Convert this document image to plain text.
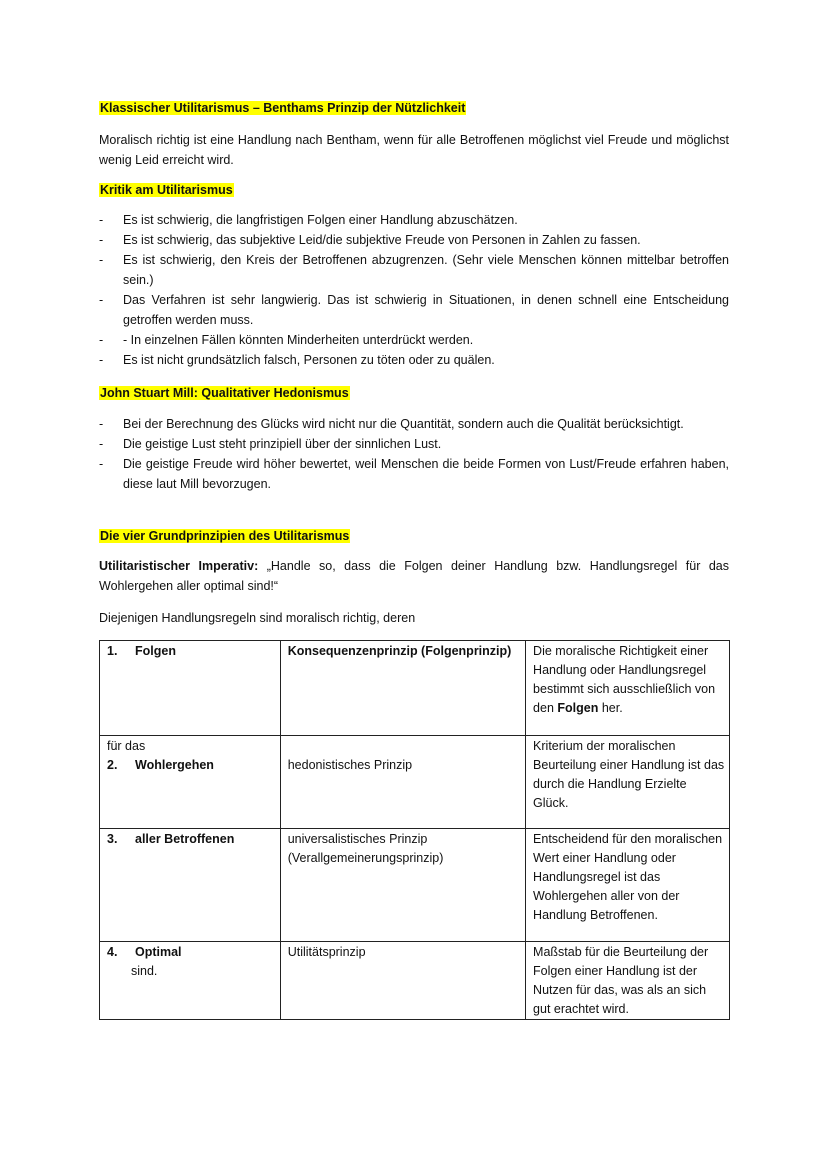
Klassischer Utilitarismus – Benthams Prinzip der Nützlichkeit

Moralisch richtig ist eine Handlung nach Bentham, wenn für alle Betroffenen möglichst viel Freude und möglichst wenig Leid erreicht wird.

Kritik am Utilitarismus
- Es ist schwierig, die langfristigen Folgen einer Handlung abzuschätzen.
- Es ist schwierig, das subjektive Leid/die subjektive Freude von Personen in Zahlen zu fassen.
- Es ist schwierig, den Kreis der Betroffenen abzugrenzen. (Sehr viele Menschen können mittelbar betroffen sein.)
- Das Verfahren ist sehr langwierig. Das ist schwierig in Situationen, in denen schnell eine Entscheidung getroffen werden muss.
- - In einzelnen Fällen könnten Minderheiten unterdrückt werden.
- Es ist nicht grundsätzlich falsch, Personen zu töten oder zu quälen.
John Stuart Mill: Qualitativer Hedonismus
- Bei der Berechnung des Glücks wird nicht nur die Quantität, sondern auch die Qualität berücksichtigt.
- Die geistige Lust steht prinzipiell über der sinnlichen Lust.
- Die geistige Freude wird höher bewertet, weil Menschen die beide Formen von Lust/Freude erfahren haben, diese laut Mill bevorzugen.
Die vier Grundprinzipien des Utilitarismus

Utilitaristischer Imperativ: „Handle so, dass die Folgen deiner Handlung bzw. Handlungsregel für das Wohlergehen aller optimal sind!“

Diejenigen Handlungsregeln sind moralisch richtig, deren

1. Folgen	Konsequenzenprinzip (Folgenprinzip)	Die moralische Richtigkeit einer Handlung oder Handlungsregel bestimmt sich ausschließlich von den Folgen her.

für das
2. Wohlergehen	hedonistisches Prinzip	Kriterium der moralischen Beurteilung einer Handlung ist das durch die Handlung Erzielte Glück.
3. aller Betroffenen	universalistisches Prinzip (Verallgemeinerungsprinzip)	Entscheidend für den moralischen Wert einer Handlung oder Handlungsregel ist das Wohlergehen aller von der Handlung Betroffenen.
4. Optimal
sind.	Utilitätsprinzip	Maßstab für die Beurteilung der Folgen einer Handlung ist der   Nutzen für das, was als an sich gut erachtet wird.
